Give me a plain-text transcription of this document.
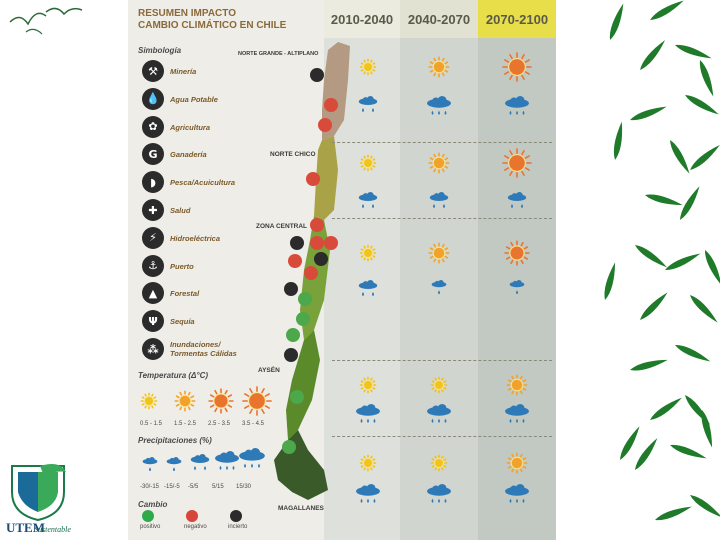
UTEM
Sustentable
2010-2040	2040-2070	2070-2100
RESUMEN IMPACTO
CAMBIO CLIMÁTICO EN CHILE
Simbología
⚒	Minería
💧	Agua Potable
✿	Agricultura
G	Ganadería
◗	Pesca/Acuicultura
✚	Salud
⚡	Hidroeléctrica
⚓	Puerto
▲	Forestal
Ψ	Sequía
⁂	Inundaciones/
Tormentas Cálidas
Temperatura (Δ°C)
0.5 - 1.5 1.5 - 2.5 2.5 - 3.5 3.5 - 4.5
Precipitaciones (%)
-30/-15 -15/-5 -5/5 5/15 15/30
Cambio
positivo	negativo	incierto
NORTE GRANDE - ALTIPLANO
NORTE CHICO
ZONA CENTRAL
AYSÉN
MAGALLANES
